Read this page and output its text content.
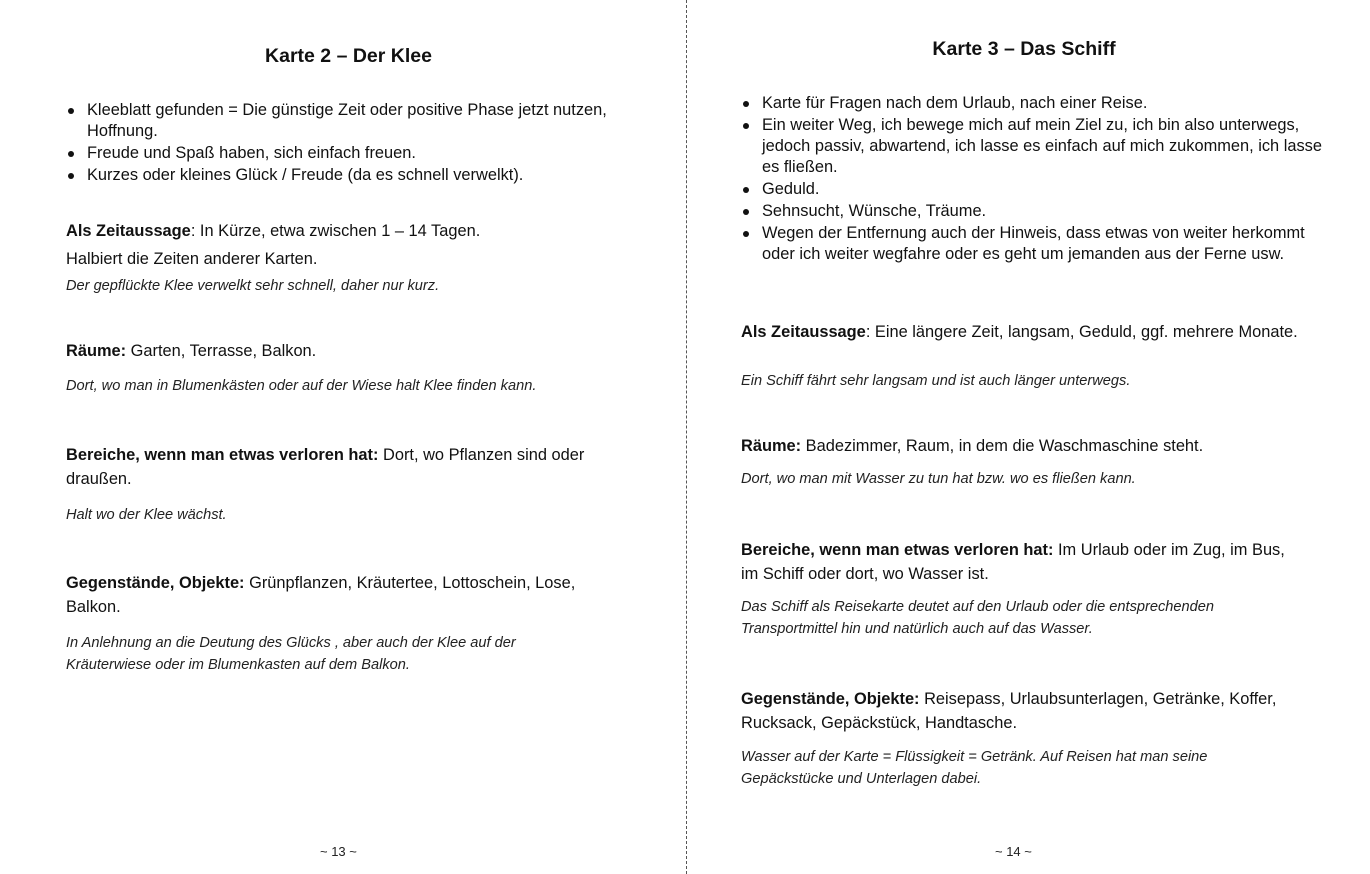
Karte 2 – Der Klee
Kleeblatt gefunden = Die günstige Zeit oder positive Phase jetzt nutzen, Hoffnung.
Freude und Spaß haben, sich einfach freuen.
Kurzes oder kleines Glück / Freude (da es schnell verwelkt).
Als Zeitaussage: In Kürze, etwa zwischen 1 – 14 Tagen.
Halbiert die Zeiten anderer Karten.
Der gepflückte Klee verwelkt sehr schnell, daher nur kurz.
Räume: Garten, Terrasse, Balkon.
Dort, wo man in Blumenkästen oder auf der Wiese halt Klee finden kann.
Bereiche, wenn man etwas verloren hat: Dort, wo Pflanzen sind oder draußen.
Halt wo der Klee wächst.
Gegenstände, Objekte: Grünpflanzen, Kräutertee, Lottoschein, Lose, Balkon.
In Anlehnung an die Deutung des Glücks , aber auch der Klee auf der Kräuterwiese oder im Blumenkasten auf dem Balkon.
~ 13 ~
Karte 3 – Das Schiff
Karte für Fragen nach dem Urlaub, nach einer Reise.
Ein weiter Weg, ich bewege mich auf mein Ziel zu, ich bin also unterwegs, jedoch passiv, abwartend, ich lasse es einfach auf mich zukommen, ich lasse es fließen.
Geduld.
Sehnsucht, Wünsche, Träume.
Wegen der Entfernung auch der Hinweis, dass etwas von weiter herkommt oder ich weiter wegfahre oder es geht um jemanden aus der Ferne usw.
Als Zeitaussage: Eine längere Zeit, langsam, Geduld, ggf. mehrere Monate.
Ein Schiff fährt sehr langsam und ist auch länger unterwegs.
Räume: Badezimmer, Raum, in dem die Waschmaschine steht.
Dort, wo man mit Wasser zu tun hat bzw. wo es fließen kann.
Bereiche, wenn man etwas verloren hat: Im Urlaub oder im Zug, im Bus, im Schiff oder dort, wo Wasser ist.
Das Schiff als Reisekarte deutet auf den Urlaub oder die entsprechenden Transportmittel hin und natürlich auch auf das Wasser.
Gegenstände, Objekte: Reisepass, Urlaubsunterlagen, Getränke, Koffer, Rucksack, Gepäckstück, Handtasche.
Wasser auf der Karte = Flüssigkeit = Getränk. Auf Reisen hat man seine Gepäckstücke und Unterlagen dabei.
~ 14 ~
